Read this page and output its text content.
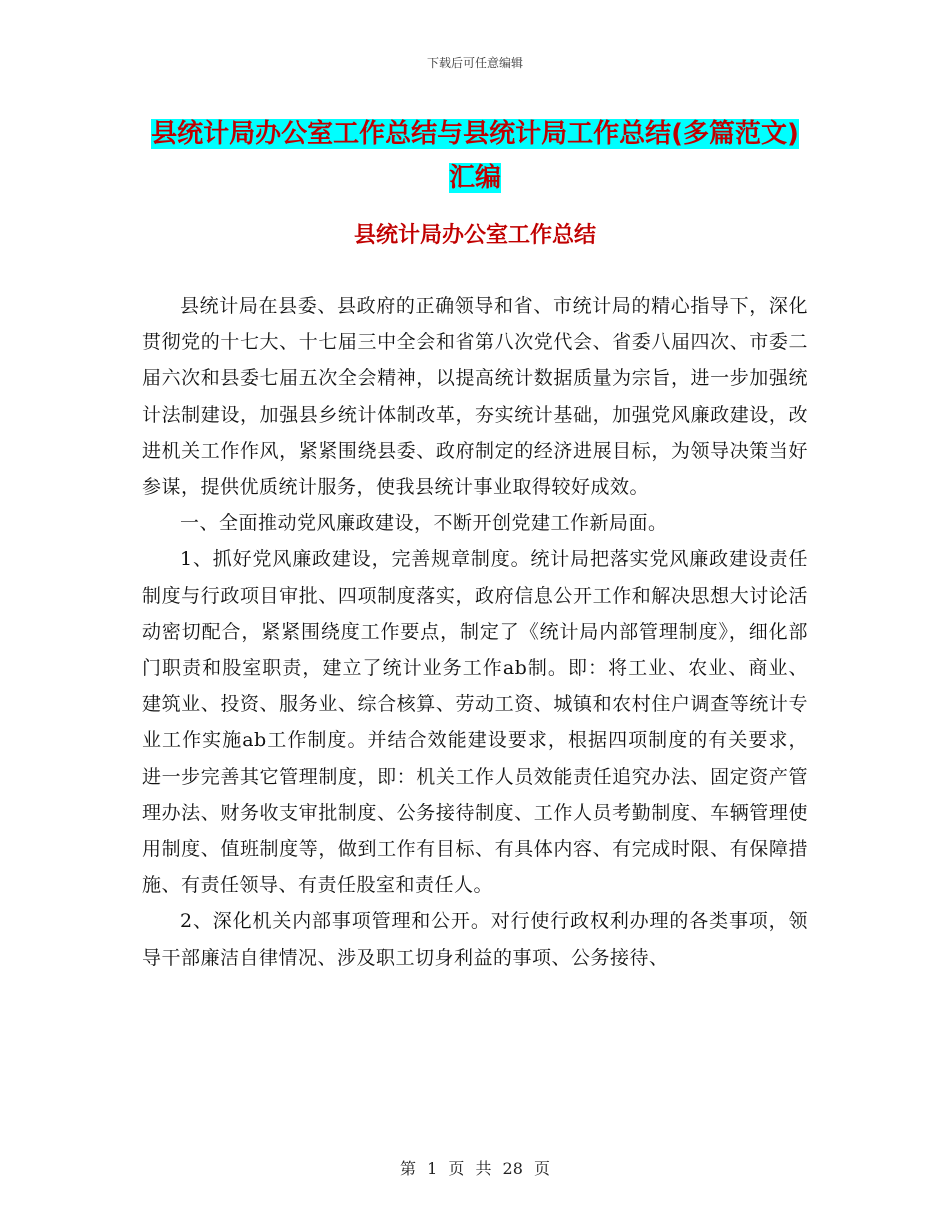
下载后可任意编辑
县统计局办公室工作总结与县统计局工作总结(多篇范文)汇编
县统计局办公室工作总结

县统计局在县委、县政府的正确领导和省、市统计局的精心指导下，深化贯彻党的十七大、十七届三中全会和省第八次党代会、省委八届四次、市委二届六次和县委七届五次全会精神，以提高统计数据质量为宗旨，进一步加强统计法制建设，加强县乡统计体制改革，夯实统计基础，加强党风廉政建设，改进机关工作作风，紧紧围绕县委、政府制定的经济进展目标，为领导决策当好参谋，提供优质统计服务，使我县统计事业取得较好成效。

一、全面推动党风廉政建设，不断开创党建工作新局面。

1、抓好党风廉政建设，完善规章制度。统计局把落实党风廉政建设责任制度与行政项目审批、四项制度落实，政府信息公开工作和解决思想大讨论活动密切配合，紧紧围绕度工作要点，制定了《统计局内部管理制度》，细化部门职责和股室职责，建立了统计业务工作ab制。即：将工业、农业、商业、建筑业、投资、服务业、综合核算、劳动工资、城镇和农村住户调查等统计专业工作实施ab工作制度。并结合效能建设要求，根据四项制度的有关要求，进一步完善其它管理制度，即：机关工作人员效能责任追究办法、固定资产管理办法、财务收支审批制度、公务接待制度、工作人员考勤制度、车辆管理使用制度、值班制度等，做到工作有目标、有具体内容、有完成时限、有保障措施、有责任领导、有责任股室和责任人。

2、深化机关内部事项管理和公开。对行使行政权利办理的各类事项，领导干部廉洁自律情况、涉及职工切身利益的事项、公务接待、

第 1 页 共 28 页
